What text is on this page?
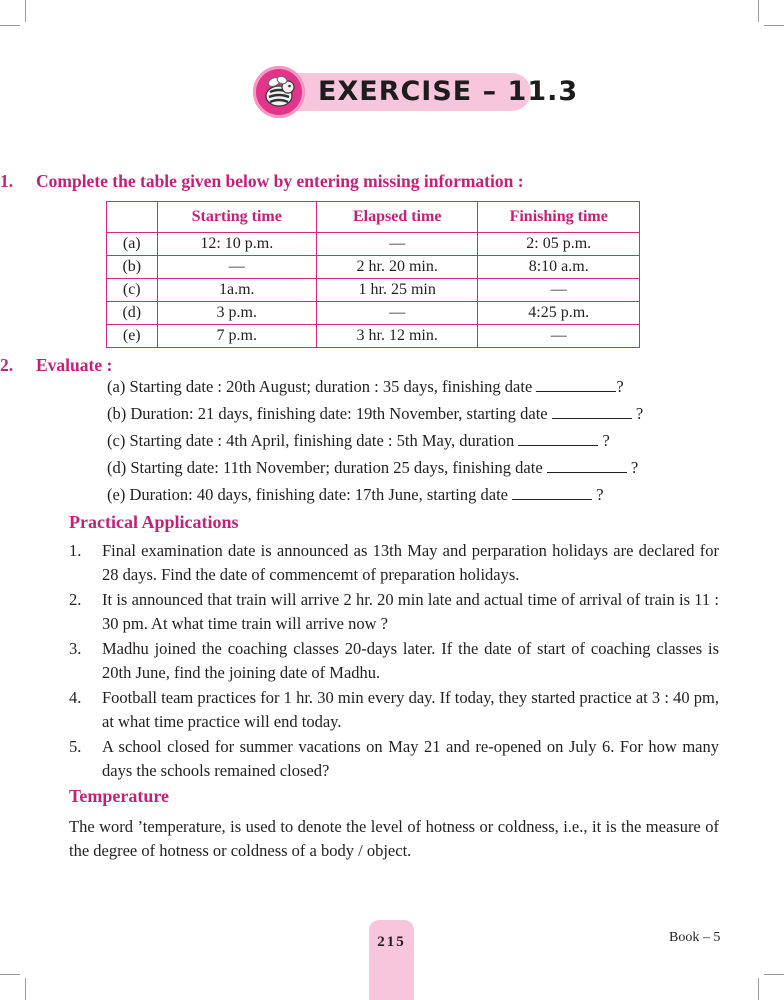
EXERCISE – 11.3
1. Complete the table given below by entering missing information :
	Starting time	Elapsed time	Finishing time
(a)	12: 10 p.m.	—	2: 05 p.m.
(b)	—	2 hr. 20 min.	8:10 a.m.
(c)	1a.m.	1 hr. 25 min	—
(d)	3 p.m.	—	4:25 p.m.
(e)	7 p.m.	3 hr. 12 min.	—
2. Evaluate :
(a) Starting date : 20th August; duration : 35 days, finishing date	?
(b) Duration: 21 days, finishing date: 19th November, starting date	?
(c) Starting date : 4th April, finishing date : 5th May, duration	?
(d) Starting date: 11th November; duration 25 days, finishing date	?
(e) Duration: 40 days, finishing date: 17th June, starting date	?
Practical Applications
1. Final examination date is announced as 13th May and perparation holidays are declared for 28 days. Find the date of commencemt of preparation holidays.
2. It is announced that train will arrive 2 hr. 20 min late and actual time of arrival of train is 11 : 30 pm. At what time train will arrive now ?
3. Madhu joined the coaching classes 20-days later. If the date of start of coaching classes is 20th June, find the joining date of Madhu.
4. Football team practices for 1 hr. 30 min every day. If today, they started practice at 3 : 40 pm, at what time practice will end today.
5. A school closed for summer vacations on May 21 and re-opened on July 6. For how many days the schools remained closed?
Temperature
The word ’temperature, is used to denote the level of hotness or coldness, i.e., it is the measure of the degree of hotness or coldness of a body / object.
215	Book – 5
